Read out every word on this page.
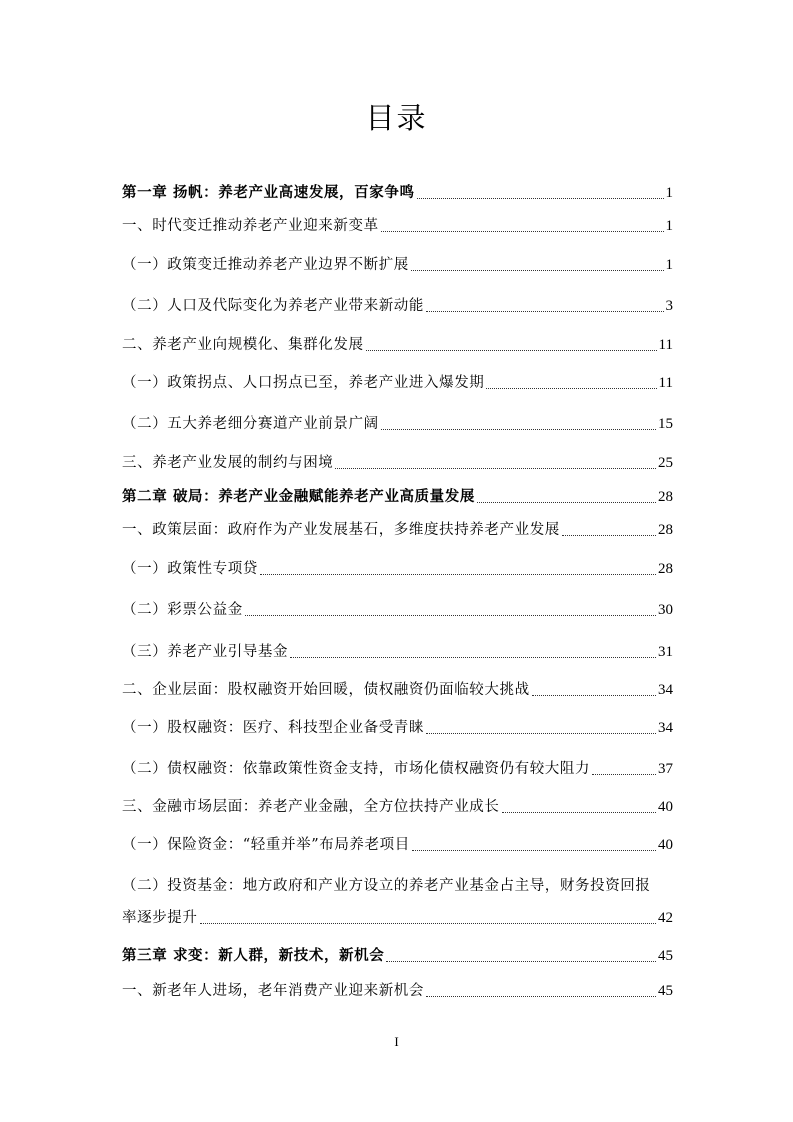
目录
第一章 扬帆：养老产业高速发展，百家争鸣	1
一、时代变迁推动养老产业迎来新变革	1
（一）政策变迁推动养老产业边界不断扩展	1
（二）人口及代际变化为养老产业带来新动能	3
二、养老产业向规模化、集群化发展	11
（一）政策拐点、人口拐点已至，养老产业进入爆发期	11
（二）五大养老细分赛道产业前景广阔	15
三、养老产业发展的制约与困境	25
第二章 破局：养老产业金融赋能养老产业高质量发展	28
一、政策层面：政府作为产业发展基石，多维度扶持养老产业发展	28
（一）政策性专项贷	28
（二）彩票公益金	30
（三）养老产业引导基金	31
二、企业层面：股权融资开始回暖，债权融资仍面临较大挑战	34
（一）股权融资：医疗、科技型企业备受青睐	34
（二）债权融资：依靠政策性资金支持，市场化债权融资仍有较大阻力	37
三、金融市场层面：养老产业金融，全方位扶持产业成长	40
（一）保险资金：“轻重并举”布局养老项目	40
（二）投资基金：地方政府和产业方设立的养老产业基金占主导，财务投资回报
率逐步提升	42
第三章 求变：新人群，新技术，新机会	45
一、新老年人进场，老年消费产业迎来新机会	45
I
